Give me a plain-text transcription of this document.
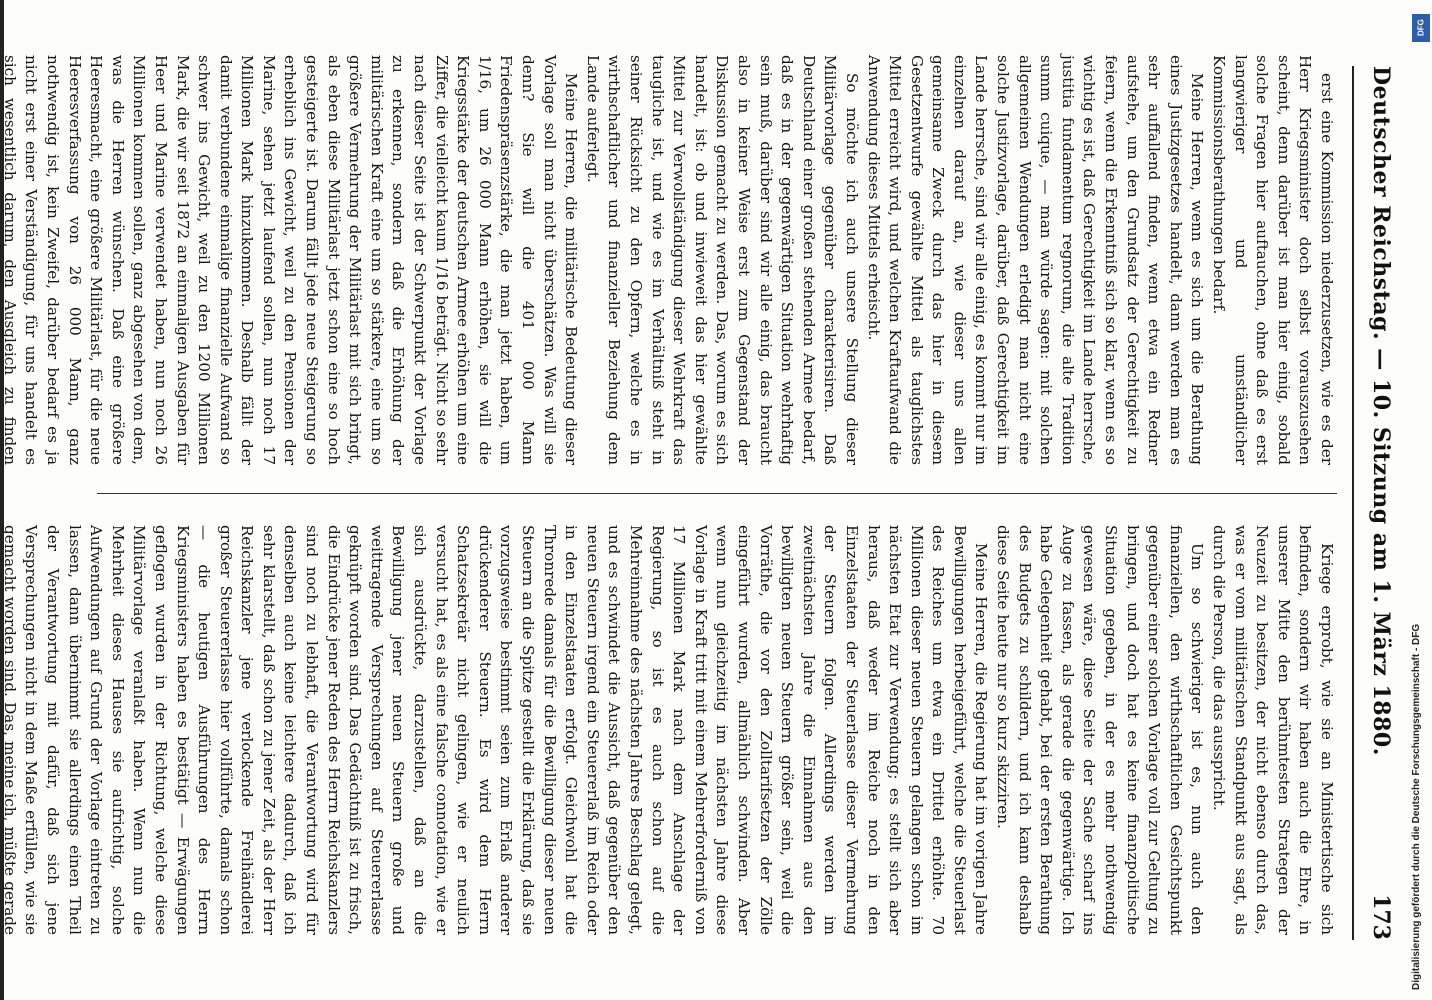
Deutscher Reichstag. — 10. Sitzung am 1. März 1880.
173

erst eine Kommission niederzusetzen, wie es der Herr Kriegsminister doch selbst vorauszusehen scheint, denn darüber ist man hier einig, sobald solche Fragen hier auftauchen, ohne daß es erst langwieriger und umständlicher Kommissionsberathungen bedarf.

Meine Herren, wenn es sich um die Berathung eines Justizgesetzes handelt, dann werden man es sehr auffallend finden, wenn etwa ein Redner aufstehe, um den Grundsatz der Gerechtigkeit zu feiern, wenn die Erkenntniß sich so klar, wenn es so wichtig es ist, daß Gerechtigkeit im Lande herrsche, justitia fundamentum regnorum, die alte Tradition summ cuique, — man würde sagen: mit solchen allgemeinen Wendungen erledigt man nicht eine solche Justizvorlage, darüber, daß Gerechtigkeit im Lande herrsche, sind wir alle einig, es kommt nur im einzelnen darauf an, wie dieser uns allen gemeinsame Zweck durch das hier in diesem Gesetzentwurfe gewählte Mittel als tauglichstes Mittel erreicht wird, und welchen Kraftaufwand die Anwendung dieses Mittels erheischt.

So möchte ich auch unsere Stellung dieser Militärvorlage gegenüber charakterisiren. Daß Deutschland einer großen stehenden Armee bedarf, daß es in der gegenwärtigen Situation wehrhaftig sein muß, darüber sind wir alle einig, das braucht also in keiner Weise erst zum Gegenstand der Diskussion gemacht zu werden. Das, worum es sich handelt, ist: ob und inwieweit das hier gewählte Mittel zur Verwollständigung dieser Wehrkraft das taugliche ist, und wie es im Verhältniß steht in seiner Rücksicht zu den Opfern, welche es in wirthschaftlicher und finanzieller Beziehung dem Lande auferlegt.

Meine Herren, die militärische Bedeutung dieser Vorlage soll man nicht überschätzen. Was will sie denn? Sie will die 401 000 Mann Friedenspräsenzstärke, die man jetzt haben, um 1/16, um 26 000 Mann erhöhen, sie will die Kriegsstärke der deutschen Armee erhöhen um eine Ziffer, die vielleicht kaum 1/16 beträgt. Nicht so sehr nach dieser Seite ist der Schwerpunkt der Vorlage zu erkennen, sondern daß die Erhöhung der militärischen Kraft eine um so stärkere, eine um so größere Vermehrung der Militärlast mit sich bringt, als eben diese Militärlast jetzt schon eine so hoch gesteigerte ist. Darum fällt jede neue Steigerung so erheblich ins Gewicht, weil zu den Pensionen der Marine, sehen jetzt laufend sollen, nun noch 17 Millionen Mark hinzukommen. Deshalb fällt der damit verbundene einmalige finanzielle Aufwand so schwer ins Gewicht, weil zu den 1200 Millionen Mark, die wir seit 1872 an einmaligen Ausgaben für Heer und Marine verwendet haben, nun noch 26 Millionen kommen sollen, ganz abgesehen von dem, was die Herren wünschen. Daß eine größere Heeresmacht, eine größere Militärlast, für die neue Heeresverfassung von 26 000 Mann, ganz nothwendig ist, kein Zweifel, darüber bedarf es ja nicht erst einer Verständigung, für uns handelt es sich wesentlich darum, den Ausgleich zu finden

Kriege erprobt, wie sie an Ministertische sich befinden, sondern wir haben auch die Ehre, in unserer Mitte den berühmtesten Strategen der Neuzeit zu besitzen, der nicht ebenso durch das, was er vom militärischen Standpunkt aus sagt, als durch die Person, die das ausspricht.

Um so schwieriger ist es, nun auch den finanziellen, den wirthschaftlichen Gesichtspunkt gegenüber einer solchen Vorlage voll zur Geltung zu bringen, und doch hat es keine finanzpolitische Situation gegeben, in der es mehr nothwendig gewesen wäre, diese Seite der Sache scharf ins Auge zu fassen, als gerade die gegenwärtige. Ich habe Gelegenheit gehabt, bei der ersten Berathung des Budgets zu schildern, und ich kann deshalb diese Seite heute nur so kurz skizziren.

Meine Herren, die Regierung hat im vorigen Jahre Bewilligungen herbeigeführt, welche die Steuerlast des Reiches um etwa ein Drittel erhöhte. 70 Millionen dieser neuen Steuern gelangen schon im nächsten Etat zur Verwendung; es stellt sich aber heraus, daß weder im Reiche noch in den Einzelstaaten der Steuerlasse dieser Vermehrung der Steuern folgen. Allerdings werden im zweitnächsten Jahre die Einnahmen aus den bewilligten neuen Steuern größer sein, weil die Vorräthe, die vor den Zolltarifsetzen der Zölle eingeführt wurden, allmählich schwinden. Aber wenn nun gleichzeitig im nächsten Jahre diese Vorlage in Kraft tritt mit einem Mehrerforderniß von 17 Millionen Mark nach dem Anschlage der Regierung, so ist es auch schon auf die Mehreinnahme des nächsten Jahres Beschlag gelegt, und es schwindet die Aussicht, daß gegenüber den neuen Steuern irgend ein Steuererlaß im Reich oder in den Einzelstaaten erfolgt. Gleichwohl hat die Thronrede damals für die Bewilligung dieser neuen Steuern an die Spitze gestellt die Erklärung, daß sie vorzugsweise bestimmt seien zum Erlaß anderer drückenderer Steuern. Es wird dem Herrn Schatzsekretär nicht gelingen, wie er neulich versucht hat, es als eine falsche connotation, wie er sich ausdrückte, darzustellen, daß an die Bewilligung jener neuen Steuern große und weittragende Versprechungen auf Steuererlasse geknüpft worden sind. Das Gedächtniß ist zu frisch, die Eindrücke jener Reden des Herrn Reichskanzlers sind noch zu lebhaft, die Verantwortung wird für denselben auch keine leichtere dadurch, daß ich sehr klarstellt, daß schon zu jener Zeit, als der Herr Reichskanzler jene verlockende Freihändlerei großer Steuererlasse hier vollführte, damals schon — die heutigen Ausführungen des Herrn Kriegsministers haben es bestätigt — Erwägungen geflogen wurden in der Richtung, welche diese Militärvorlage veranlaßt haben. Wenn nun die Mehrheit dieses Hauses sie aufrichtig, solche Aufwendungen auf Grund der Vorlage eintreten zu lassen, dann übernimmt sie allerdings einen Theil der Verantwortung mit dafür, daß sich jene Versprechungen nicht in dem Maße erfüllen, wie sie gemacht worden sind. Das, meine ich, müßte gerade	Digitalisierung gefördert durch die Deutsche Forschungsgemeinschaft - DFG
DFG
